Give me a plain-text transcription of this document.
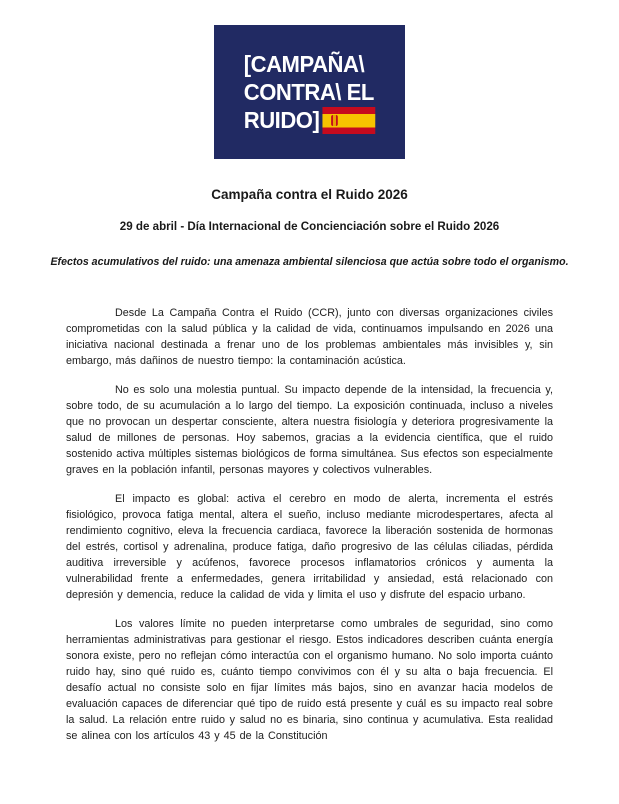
[CAMPAÑA\
CONTRA\ EL
RUIDO ]
Campaña contra el Ruido 2026
29 de abril - Día Internacional de Concienciación sobre el Ruido 2026
Efectos acumulativos del ruido: una amenaza ambiental silenciosa que actúa sobre todo el organismo.

Desde La Campaña Contra el Ruido (CCR), junto con diversas organizaciones civiles comprometidas con la salud pública y la calidad de vida, continuamos impulsando en 2026 una iniciativa nacional destinada a frenar uno de los problemas ambientales más invisibles y, sin embargo, más dañinos de nuestro tiempo: la contaminación acústica.

No es solo una molestia puntual. Su impacto depende de la intensidad, la frecuencia y, sobre todo, de su acumulación a lo largo del tiempo. La exposición continuada, incluso a niveles que no provocan un despertar consciente, altera nuestra fisiología y deteriora progresivamente la salud de millones de personas. Hoy sabemos, gracias a la evidencia científica, que el ruido sostenido activa múltiples sistemas biológicos de forma simultánea. Sus efectos son especialmente graves en la población infantil, personas mayores y colectivos vulnerables.

El impacto es global: activa el cerebro en modo de alerta, incrementa el estrés fisiológico, provoca fatiga mental, altera el sueño, incluso mediante microdespertares, afecta al rendimiento cognitivo, eleva la frecuencia cardiaca, favorece la liberación sostenida de hormonas del estrés, cortisol y adrenalina, produce fatiga, daño progresivo de las células ciliadas, pérdida auditiva irreversible y acúfenos, favorece procesos inflamatorios crónicos y aumenta la vulnerabilidad frente a enfermedades, genera irritabilidad y ansiedad, está relacionado con depresión y demencia, reduce la calidad de vida y limita el uso y disfrute del espacio urbano.

Los valores límite no pueden interpretarse como umbrales de seguridad, sino como herramientas administrativas para gestionar el riesgo. Estos indicadores describen cuánta energía sonora existe, pero no reflejan cómo interactúa con el organismo humano. No solo importa cuánto ruido hay, sino qué ruido es, cuánto tiempo convivimos con él y su alta o baja frecuencia. El desafío actual no consiste solo en fijar límites más bajos, sino en avanzar hacia modelos de evaluación capaces de diferenciar qué tipo de ruido está presente y cuál es su impacto real sobre la salud. La relación entre ruido y salud no es binaria, sino continua y acumulativa. Esta realidad se alinea con los artículos 43 y 45 de la Constitución
